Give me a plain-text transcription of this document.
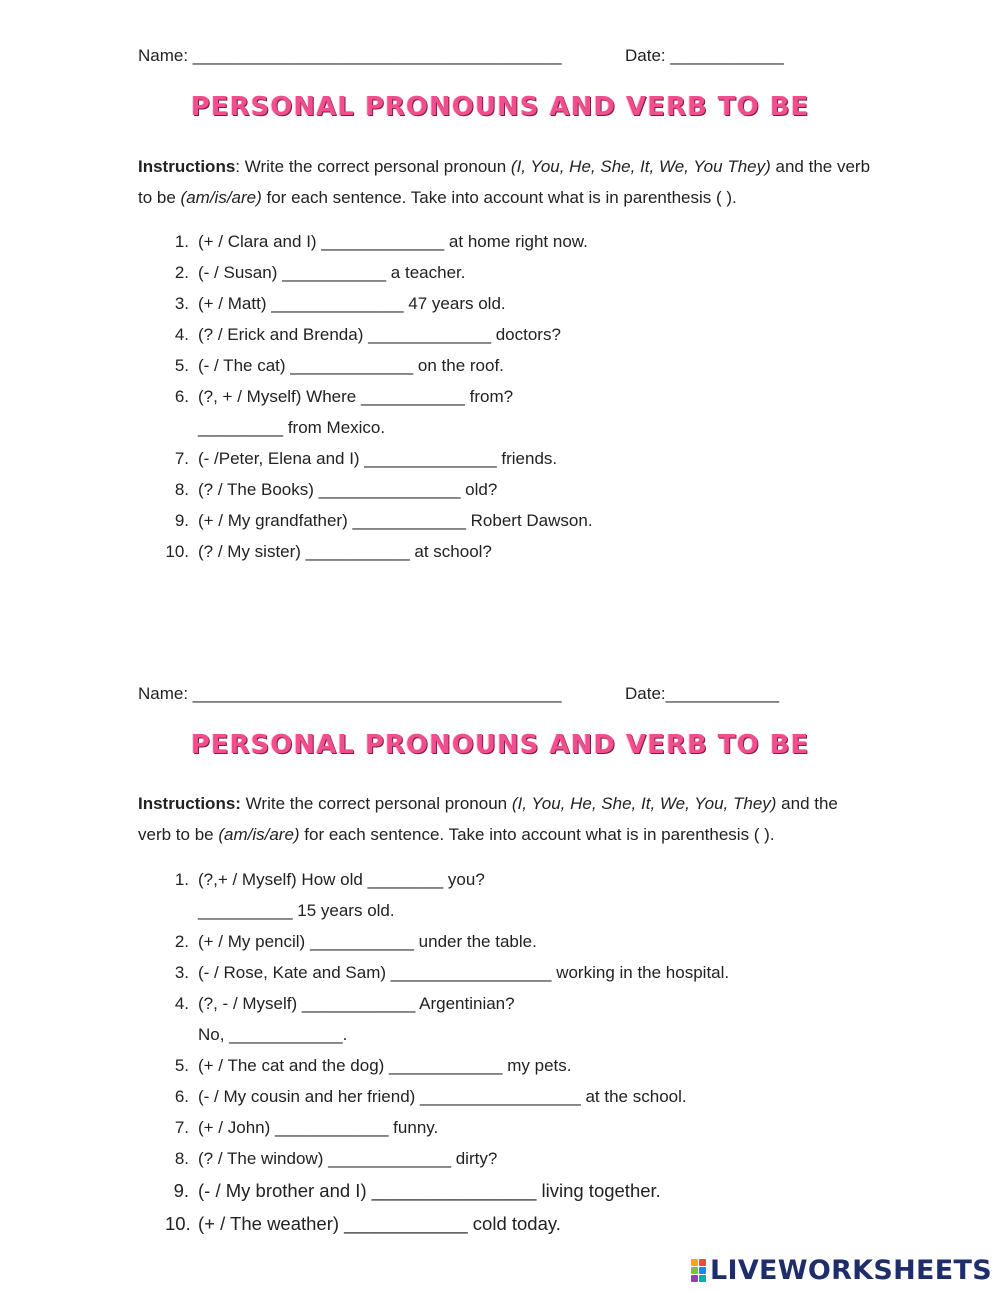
Name: _______________________________________	Date: ____________
PERSONAL PRONOUNS AND VERB TO BE
Instructions: Write the correct personal pronoun (I, You, He, She, It, We, You They) and the verb to be (am/is/are) for each sentence. Take into account what is in parenthesis ( ).
1. (+ / Clara and I) _____________ at home right now.
2. (- / Susan) ___________ a teacher.
3. (+ / Matt) ______________ 47 years old.
4. (? / Erick and Brenda) _____________ doctors?
5. (- / The cat) _____________ on the roof.
6. (?, + / Myself) Where ___________ from?
_________ from Mexico.
7. (- /Peter, Elena and I) ______________ friends.
8. (? / The Books) _______________ old?
9. (+ / My grandfather) ____________ Robert Dawson.
10. (? / My sister) ___________ at school?
Name: _______________________________________	Date:____________
PERSONAL PRONOUNS AND VERB TO BE
Instructions: Write the correct personal pronoun (I, You, He, She, It, We, You, They) and the verb to be (am/is/are) for each sentence. Take into account what is in parenthesis ( ).
1. (?,+ / Myself) How old ________ you?
__________ 15 years old.
2. (+ / My pencil) ___________ under the table.
3. (- / Rose, Kate and Sam) _________________ working in the hospital.
4. (?, - / Myself) ____________ Argentinian?
No, ____________.
5. (+ / The cat and the dog) ____________ my pets.
6. (- / My cousin and her friend) _________________ at the school.
7. (+ / John) ____________ funny.
8. (? / The window) _____________ dirty?
9. (- / My brother and I) ________________ living together.
10. (+ / The weather) ____________ cold today.
LIVEWORKSHEETS
